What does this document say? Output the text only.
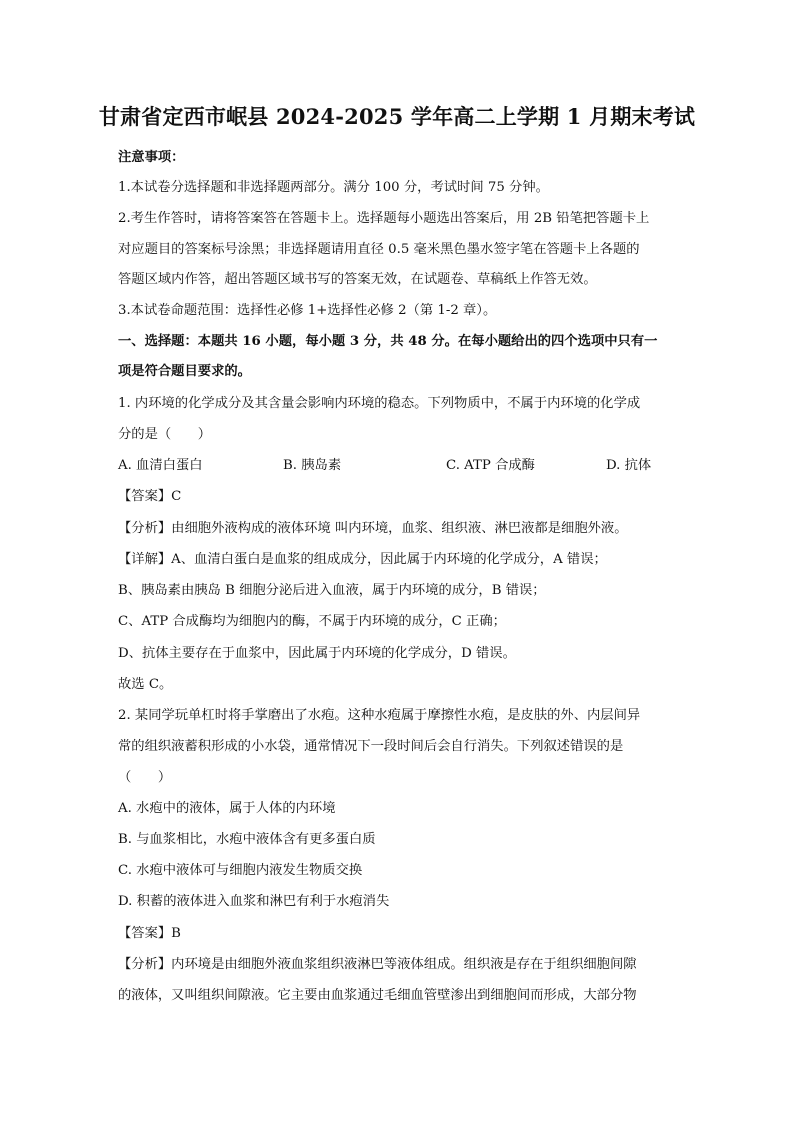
甘肃省定西市岷县 2024-2025 学年高二上学期 1 月期末考试
注意事项：
1.本试卷分选择题和非选择题两部分。满分 100 分，考试时间 75 分钟。
2.考生作答时，请将答案答在答题卡上。选择题每小题选出答案后，用 2B 铅笔把答题卡上
对应题目的答案标号涂黑；非选择题请用直径 0.5 毫米黑色墨水签字笔在答题卡上各题的
答题区域内作答，超出答题区域书写的答案无效，在试题卷、草稿纸上作答无效。
3.本试卷命题范围：选择性必修 1+选择性必修 2（第 1-2 章）。
一、选择题：本题共 16 小题，每小题 3 分，共 48 分。在每小题给出的四个选项中只有一
项是符合题目要求的。
1. 内环境的化学成分及其含量会影响内环境的稳态。下列物质中，不属于内环境的化学成
分的是（　　）
A. 血清白蛋白	B. 胰岛素	C. ATP 合成酶	D. 抗体
【答案】C
【分析】由细胞外液构成的液体环境 叫内环境，血浆、组织液、淋巴液都是细胞外液。
【详解】A、血清白蛋白是血浆的组成成分，因此属于内环境的化学成分，A 错误；
B、胰岛素由胰岛 B 细胞分泌后进入血液，属于内环境的成分，B 错误；
C、ATP 合成酶均为细胞内的酶，不属于内环境的成分，C 正确；
D、抗体主要存在于血浆中，因此属于内环境的化学成分，D 错误。
故选 C。
2. 某同学玩单杠时将手掌磨出了水疱。这种水疱属于摩擦性水疱，是皮肤的外、内层间异
常的组织液蓄积形成的小水袋，通常情况下一段时间后会自行消失。下列叙述错误的是
（　　）
A. 水疱中的液体，属于人体的内环境
B. 与血浆相比，水疱中液体含有更多蛋白质
C. 水疱中液体可与细胞内液发生物质交换
D. 积蓄的液体进入血浆和淋巴有利于水疱消失
【答案】B
【分析】内环境是由细胞外液血浆组织液淋巴等液体组成。组织液是存在于组织细胞间隙
的液体，又叫组织间隙液。它主要由血浆通过毛细血管壁渗出到细胞间而形成，大部分物
